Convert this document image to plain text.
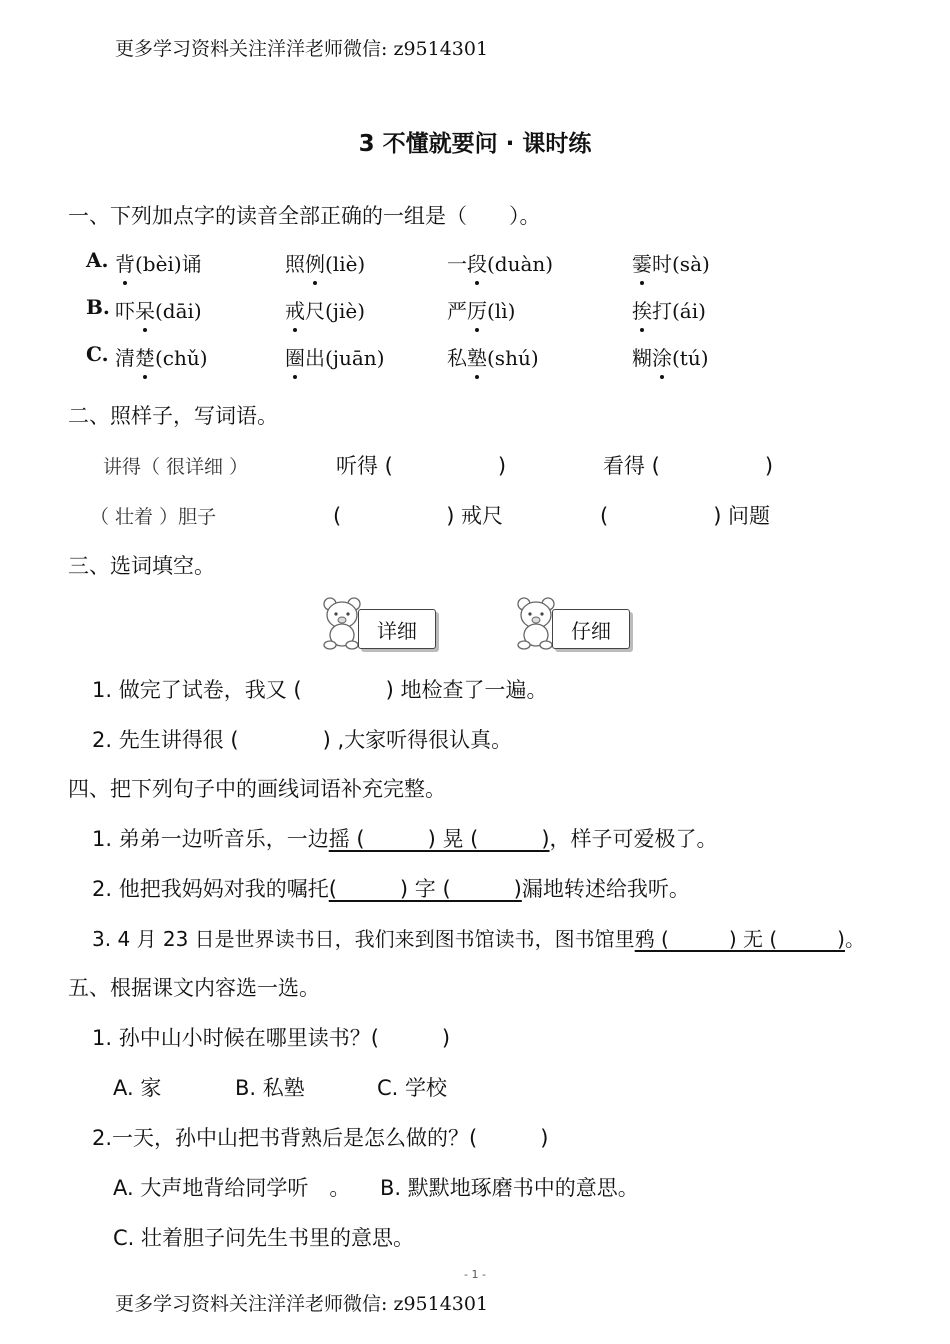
更多学习资料关注洋洋老师微信: z9514301
3 不懂就要问 · 课时练
一、下列加点字的读音全部正确的一组是（　　）。
A. 背(bèi)诵	照例(liè)	一段(duàn)	霎时(sà)
B. 吓呆(dāi)	戒尺(jiè)	严厉(lì)	挨打(ái)
C. 清楚(chǔ)	圈出(juān)	私塾(shú)	糊涂(tú)
二、照样子，写词语。
讲得（ 很详细 ）	听得 (　　　　　)	看得 (　　　　　)
（ 壮着 ）胆子	(　　　　　) 戒尺	(　　　　　) 问题
三、选词填空。
详细	仔细
1. 做完了试卷，我又 (　　　　) 地检查了一遍。
2. 先生讲得很 (　　　　) ,大家听得很认真。
四、把下列句子中的画线词语补充完整。
1. 弟弟一边听音乐，一边摇 (　　　) 晃 (　　　)，样子可爱极了。
2. 他把我妈妈对我的嘱托(　　　) 字 (　　　)漏地转述给我听。
3. 4 月 23 日是世界读书日，我们来到图书馆读书，图书馆里鸦 (　　　) 无 (　　　)。
五、根据课文内容选一选。
1. 孙中山小时候在哪里读书？(　　　)
A. 家	B. 私塾	C. 学校
2.一天，孙中山把书背熟后是怎么做的？(　　　)
A. 大声地背给同学听　。 B. 默默地琢磨书中的意思。
C. 壮着胆子问先生书里的意思。
- 1 -
更多学习资料关注洋洋老师微信: z9514301
